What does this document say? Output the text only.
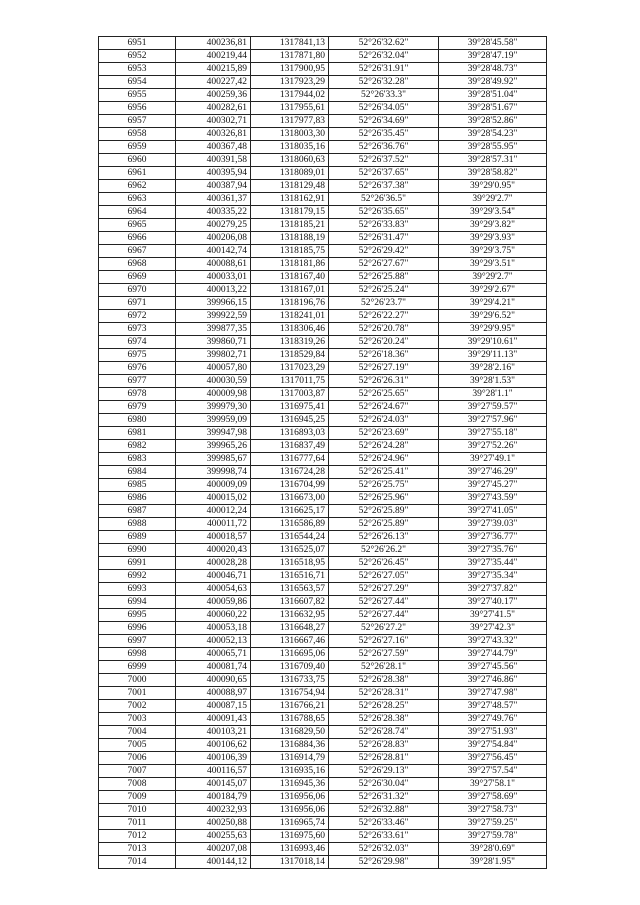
6951	400236,81	1317841,13	52°26'32.62"	39°28'45.58"
6952	400219,44	1317871,80	52°26'32.04"	39°28'47.19"
6953	400215,89	1317900,95	52°26'31.91"	39°28'48.73"
6954	400227,42	1317923,29	52°26'32.28"	39°28'49.92"
6955	400259,36	1317944,02	52°26'33.3"	39°28'51.04"
6956	400282,61	1317955,61	52°26'34.05"	39°28'51.67"
6957	400302,71	1317977,83	52°26'34.69"	39°28'52.86"
6958	400326,81	1318003,30	52°26'35.45"	39°28'54.23"
6959	400367,48	1318035,16	52°26'36.76"	39°28'55.95"
6960	400391,58	1318060,63	52°26'37.52"	39°28'57.31"
6961	400395,94	1318089,01	52°26'37.65"	39°28'58.82"
6962	400387,94	1318129,48	52°26'37.38"	39°29'0.95"
6963	400361,37	1318162,91	52°26'36.5"	39°29'2.7"
6964	400335,22	1318179,15	52°26'35.65"	39°29'3.54"
6965	400279,25	1318185,21	52°26'33.83"	39°29'3.82"
6966	400206,08	1318188,19	52°26'31.47"	39°29'3.93"
6967	400142,74	1318185,75	52°26'29.42"	39°29'3.75"
6968	400088,61	1318181,86	52°26'27.67"	39°29'3.51"
6969	400033,01	1318167,40	52°26'25.88"	39°29'2.7"
6970	400013,22	1318167,01	52°26'25.24"	39°29'2.67"
6971	399966,15	1318196,76	52°26'23.7"	39°29'4.21"
6972	399922,59	1318241,01	52°26'22.27"	39°29'6.52"
6973	399877,35	1318306,46	52°26'20.78"	39°29'9.95"
6974	399860,71	1318319,26	52°26'20.24"	39°29'10.61"
6975	399802,71	1318529,84	52°26'18.36"	39°29'11.13"
6976	400057,80	1317023,29	52°26'27.19"	39°28'2.16"
6977	400030,59	1317011,75	52°26'26.31"	39°28'1.53"
6978	400009,98	1317003,87	52°26'25.65"	39°28'1.1"
6979	399979,30	1316975,41	52°26'24.67"	39°27'59.57"
6980	399959,09	1316945,25	52°26'24.03"	39°27'57.96"
6981	399947,98	1316893,03	52°26'23.69"	39°27'55.18"
6982	399965,26	1316837,49	52°26'24.28"	39°27'52.26"
6983	399985,67	1316777,64	52°26'24.96"	39°27'49.1"
6984	399998,74	1316724,28	52°26'25.41"	39°27'46.29"
6985	400009,09	1316704,99	52°26'25.75"	39°27'45.27"
6986	400015,02	1316673,00	52°26'25.96"	39°27'43.59"
6987	400012,24	1316625,17	52°26'25.89"	39°27'41.05"
6988	400011,72	1316586,89	52°26'25.89"	39°27'39.03"
6989	400018,57	1316544,24	52°26'26.13"	39°27'36.77"
6990	400020,43	1316525,07	52°26'26.2"	39°27'35.76"
6991	400028,28	1316518,95	52°26'26.45"	39°27'35.44"
6992	400046,71	1316516,71	52°26'27.05"	39°27'35.34"
6993	400054,63	1316563,57	52°26'27.29"	39°27'37.82"
6994	400059,86	1316607,82	52°26'27.44"	39°27'40.17"
6995	400060,22	1316632,95	52°26'27.44"	39°27'41.5"
6996	400053,18	1316648,27	52°26'27.2"	39°27'42.3"
6997	400052,13	1316667,46	52°26'27.16"	39°27'43.32"
6998	400065,71	1316695,06	52°26'27.59"	39°27'44.79"
6999	400081,74	1316709,40	52°26'28.1"	39°27'45.56"
7000	400090,65	1316733,75	52°26'28.38"	39°27'46.86"
7001	400088,97	1316754,94	52°26'28.31"	39°27'47.98"
7002	400087,15	1316766,21	52°26'28.25"	39°27'48.57"
7003	400091,43	1316788,65	52°26'28.38"	39°27'49.76"
7004	400103,21	1316829,50	52°26'28.74"	39°27'51.93"
7005	400106,62	1316884,36	52°26'28.83"	39°27'54.84"
7006	400106,39	1316914,79	52°26'28.81"	39°27'56.45"
7007	400116,57	1316935,16	52°26'29.13"	39°27'57.54"
7008	400145,07	1316945,36	52°26'30.04"	39°27'58.1"
7009	400184,79	1316956,06	52°26'31.32"	39°27'58.69"
7010	400232,93	1316956,06	52°26'32.88"	39°27'58.73"
7011	400250,88	1316965,74	52°26'33.46"	39°27'59.25"
7012	400255,63	1316975,60	52°26'33.61"	39°27'59.78"
7013	400207,08	1316993,46	52°26'32.03"	39°28'0.69"
7014	400144,12	1317018,14	52°26'29.98"	39°28'1.95"
